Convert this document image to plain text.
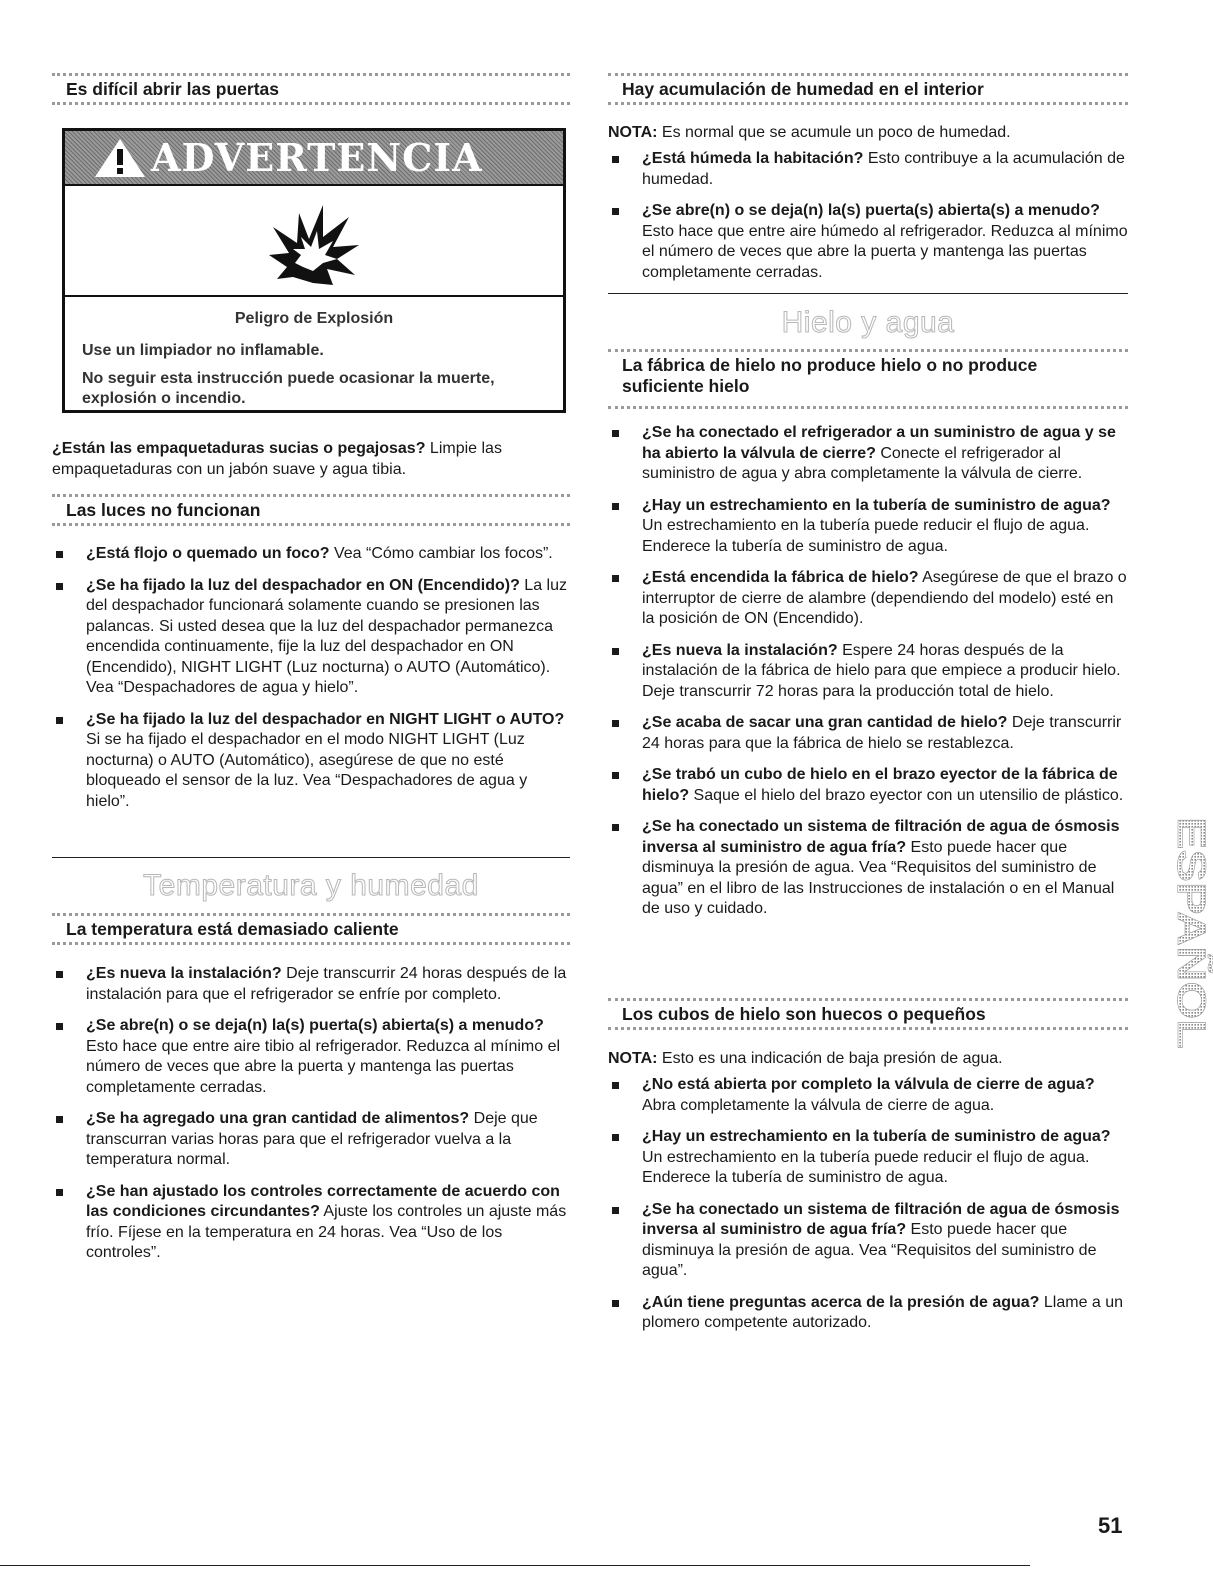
Es difícil abrir las puertas
ADVERTENCIA
Peligro de Explosión
Use un limpiador no inflamable.
No seguir esta instrucción puede ocasionar la muerte, explosión o incendio.
¿Están las empaquetaduras sucias o pegajosas? Limpie las empaquetaduras con un jabón suave y agua tibia.
Las luces no funcionan
¿Está flojo o quemado un foco? Vea “Cómo cambiar los focos”.
¿Se ha fijado la luz del despachador en ON (Encendido)? La luz del despachador funcionará solamente cuando se presionen las palancas. Si usted desea que la luz del despachador permanezca encendida continuamente, fije la luz del despachador en ON (Encendido), NIGHT LIGHT (Luz nocturna) o AUTO (Automático). Vea “Despachadores de agua y hielo”.
¿Se ha fijado la luz del despachador en NIGHT LIGHT o AUTO? Si se ha fijado el despachador en el modo NIGHT LIGHT (Luz nocturna) o AUTO (Automático), asegúrese de que no esté bloqueado el sensor de la luz. Vea “Despachadores de agua y hielo”.
Temperatura y humedad
La temperatura está demasiado caliente
¿Es nueva la instalación? Deje transcurrir 24 horas después de la instalación para que el refrigerador se enfríe por completo.
¿Se abre(n) o se deja(n) la(s) puerta(s) abierta(s) a menudo? Esto hace que entre aire tibio al refrigerador. Reduzca al mínimo el número de veces que abre la puerta y mantenga las puertas completamente cerradas.
¿Se ha agregado una gran cantidad de alimentos? Deje que transcurran varias horas para que el refrigerador vuelva a la temperatura normal.
¿Se han ajustado los controles correctamente de acuerdo con las condiciones circundantes? Ajuste los controles un ajuste más frío. Fíjese en la temperatura en 24 horas. Vea “Uso de los controles”.
Hay acumulación de humedad en el interior
NOTA: Es normal que se acumule un poco de humedad.
¿Está húmeda la habitación? Esto contribuye a la acumulación de humedad.
¿Se abre(n) o se deja(n) la(s) puerta(s) abierta(s) a menudo? Esto hace que entre aire húmedo al refrigerador. Reduzca al mínimo el número de veces que abre la puerta y mantenga las puertas completamente cerradas.
Hielo y agua
La fábrica de hielo no produce hielo o no produce suficiente hielo
¿Se ha conectado el refrigerador a un suministro de agua y se ha abierto la válvula de cierre? Conecte el refrigerador al suministro de agua y abra completamente la válvula de cierre.
¿Hay un estrechamiento en la tubería de suministro de agua? Un estrechamiento en la tubería puede reducir el flujo de agua. Enderece la tubería de suministro de agua.
¿Está encendida la fábrica de hielo? Asegúrese de que el brazo o interruptor de cierre de alambre (dependiendo del modelo) esté en la posición de ON (Encendido).
¿Es nueva la instalación? Espere 24 horas después de la instalación de la fábrica de hielo para que empiece a producir hielo. Deje transcurrir 72 horas para la producción total de hielo.
¿Se acaba de sacar una gran cantidad de hielo? Deje transcurrir 24 horas para que la fábrica de hielo se restablezca.
¿Se trabó un cubo de hielo en el brazo eyector de la fábrica de hielo? Saque el hielo del brazo eyector con un utensilio de plástico.
¿Se ha conectado un sistema de filtración de agua de ósmosis inversa al suministro de agua fría? Esto puede hacer que disminuya la presión de agua. Vea “Requisitos del suministro de agua” en el libro de las Instrucciones de instalación o en el Manual de uso y cuidado.
Los cubos de hielo son huecos o pequeños
NOTA: Esto es una indicación de baja presión de agua.
¿No está abierta por completo la válvula de cierre de agua? Abra completamente la válvula de cierre de agua.
¿Hay un estrechamiento en la tubería de suministro de agua? Un estrechamiento en la tubería puede reducir el flujo de agua. Enderece la tubería de suministro de agua.
¿Se ha conectado un sistema de filtración de agua de ósmosis inversa al suministro de agua fría? Esto puede hacer que disminuya la presión de agua. Vea “Requisitos del suministro de agua”.
¿Aún tiene preguntas acerca de la presión de agua? Llame a un plomero competente autorizado.
ESPAÑOL
51
